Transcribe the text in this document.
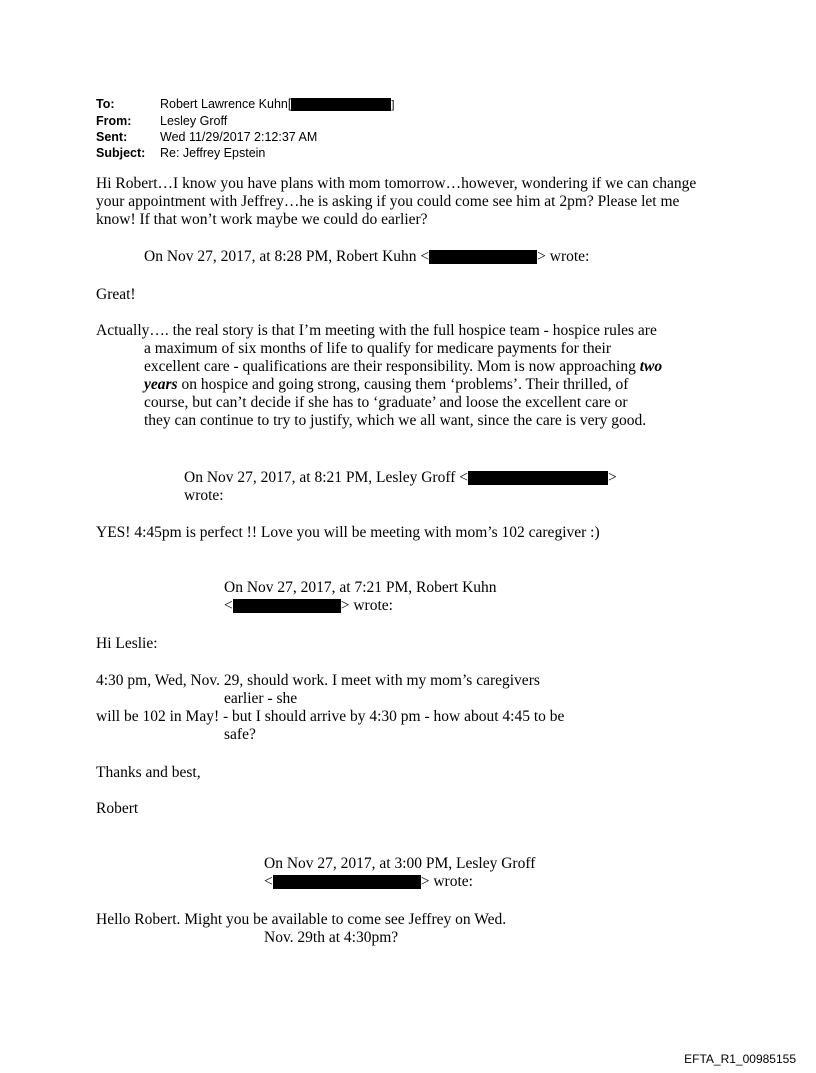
To:	Robert Lawrence Kuhn[	]
From:	Lesley Groff
Sent:	Wed 11/29/2017 2:12:37 AM
Subject:	Re: Jeffrey Epstein
Hi Robert…I know you have plans with mom tomorrow…however, wondering if we can change
your appointment with Jeffrey…he is asking if you could come see him at 2pm? Please let me
know! If that won’t work maybe we could do earlier?
On Nov 27, 2017, at 8:28 PM, Robert Kuhn <	> wrote:
Great!
Actually…. the real story is that I’m meeting with the full hospice team - hospice rules are
a maximum of six months of life to qualify for medicare payments for their
excellent care - qualifications are their responsibility. Mom is now approaching two
years on hospice and going strong, causing them ‘problems’. Their thrilled, of
course, but can’t decide if she has to ‘graduate’ and loose the excellent care or
they can continue to try to justify, which we all want, since the care is very good.
On Nov 27, 2017, at 8:21 PM, Lesley Groff <	>
wrote:
YES! 4:45pm is perfect !! Love you will be meeting with mom’s 102 caregiver :)
On Nov 27, 2017, at 7:21 PM, Robert Kuhn
<	> wrote:
Hi Leslie:
4:30 pm, Wed, Nov. 29, should work. I meet with my mom’s caregivers
earlier - she
will be 102 in May! - but I should arrive by 4:30 pm - how about 4:45 to be
safe?
Thanks and best,
Robert
On Nov 27, 2017, at 3:00 PM, Lesley Groff
<	> wrote:
Hello Robert. Might you be available to come see Jeffrey on Wed.
Nov. 29th at 4:30pm?
EFTA_R1_00985155
